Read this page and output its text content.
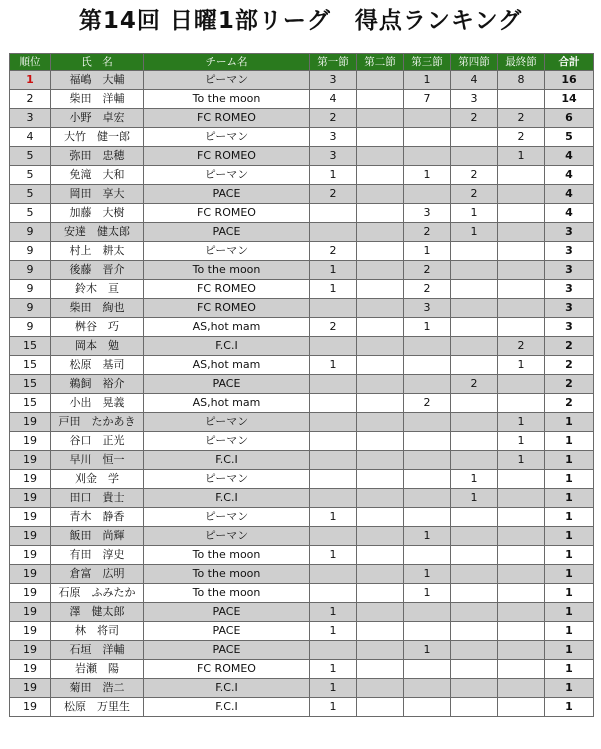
第14回 日曜1部リーグ　得点ランキング
順位	氏　名	チーム名	第一節	第二節	第三節	第四節	最終節	合計
1	福嶋　大輔	ピーマン	3		1	4	8	16
2	柴田　洋輔	To the moon	4		7	3		14
3	小野　卓宏	FC ROMEO	2			2	2	6
4	大竹　健一郎	ピーマン	3				2	5
5	弥田　忠穂	FC ROMEO	3				1	4
5	免滝　大和	ピーマン	1		1	2		4
5	岡田　享大	PACE	2			2		4
5	加藤　大樹	FC ROMEO			3	1		4
9	安達　健太郎	PACE			2	1		3
9	村上　耕太	ピーマン	2		1			3
9	後藤　晋介	To the moon	1		2			3
9	鈴木　亘	FC ROMEO	1		2			3
9	柴田　絢也	FC ROMEO			3			3
9	桝谷　巧	AS,hot mam	2		1			3
15	岡本　勉	F.C.I					2	2
15	松原　基司	AS,hot mam	1				1	2
15	鵜飼　裕介	PACE				2		2
15	小出　晃義	AS,hot mam			2			2
19	戸田　たかあき	ピーマン					1	1
19	谷口　正光	ピーマン					1	1
19	早川　恒一	F.C.I					1	1
19	刈金　学	ピーマン				1		1
19	田口　貴士	F.C.I				1		1
19	青木　静香	ピーマン	1					1
19	飯田　尚輝	ピーマン			1			1
19	有田　淳史	To the moon	1					1
19	倉富　広明	To the moon			1			1
19	石原　ふみたか	To the moon			1			1
19	澤　健太郎	PACE	1					1
19	林　将司	PACE	1					1
19	石垣　洋輔	PACE			1			1
19	岩瀬　陽	FC ROMEO	1					1
19	菊田　浩二	F.C.I	1					1
19	松原　万里生	F.C.I	1					1
